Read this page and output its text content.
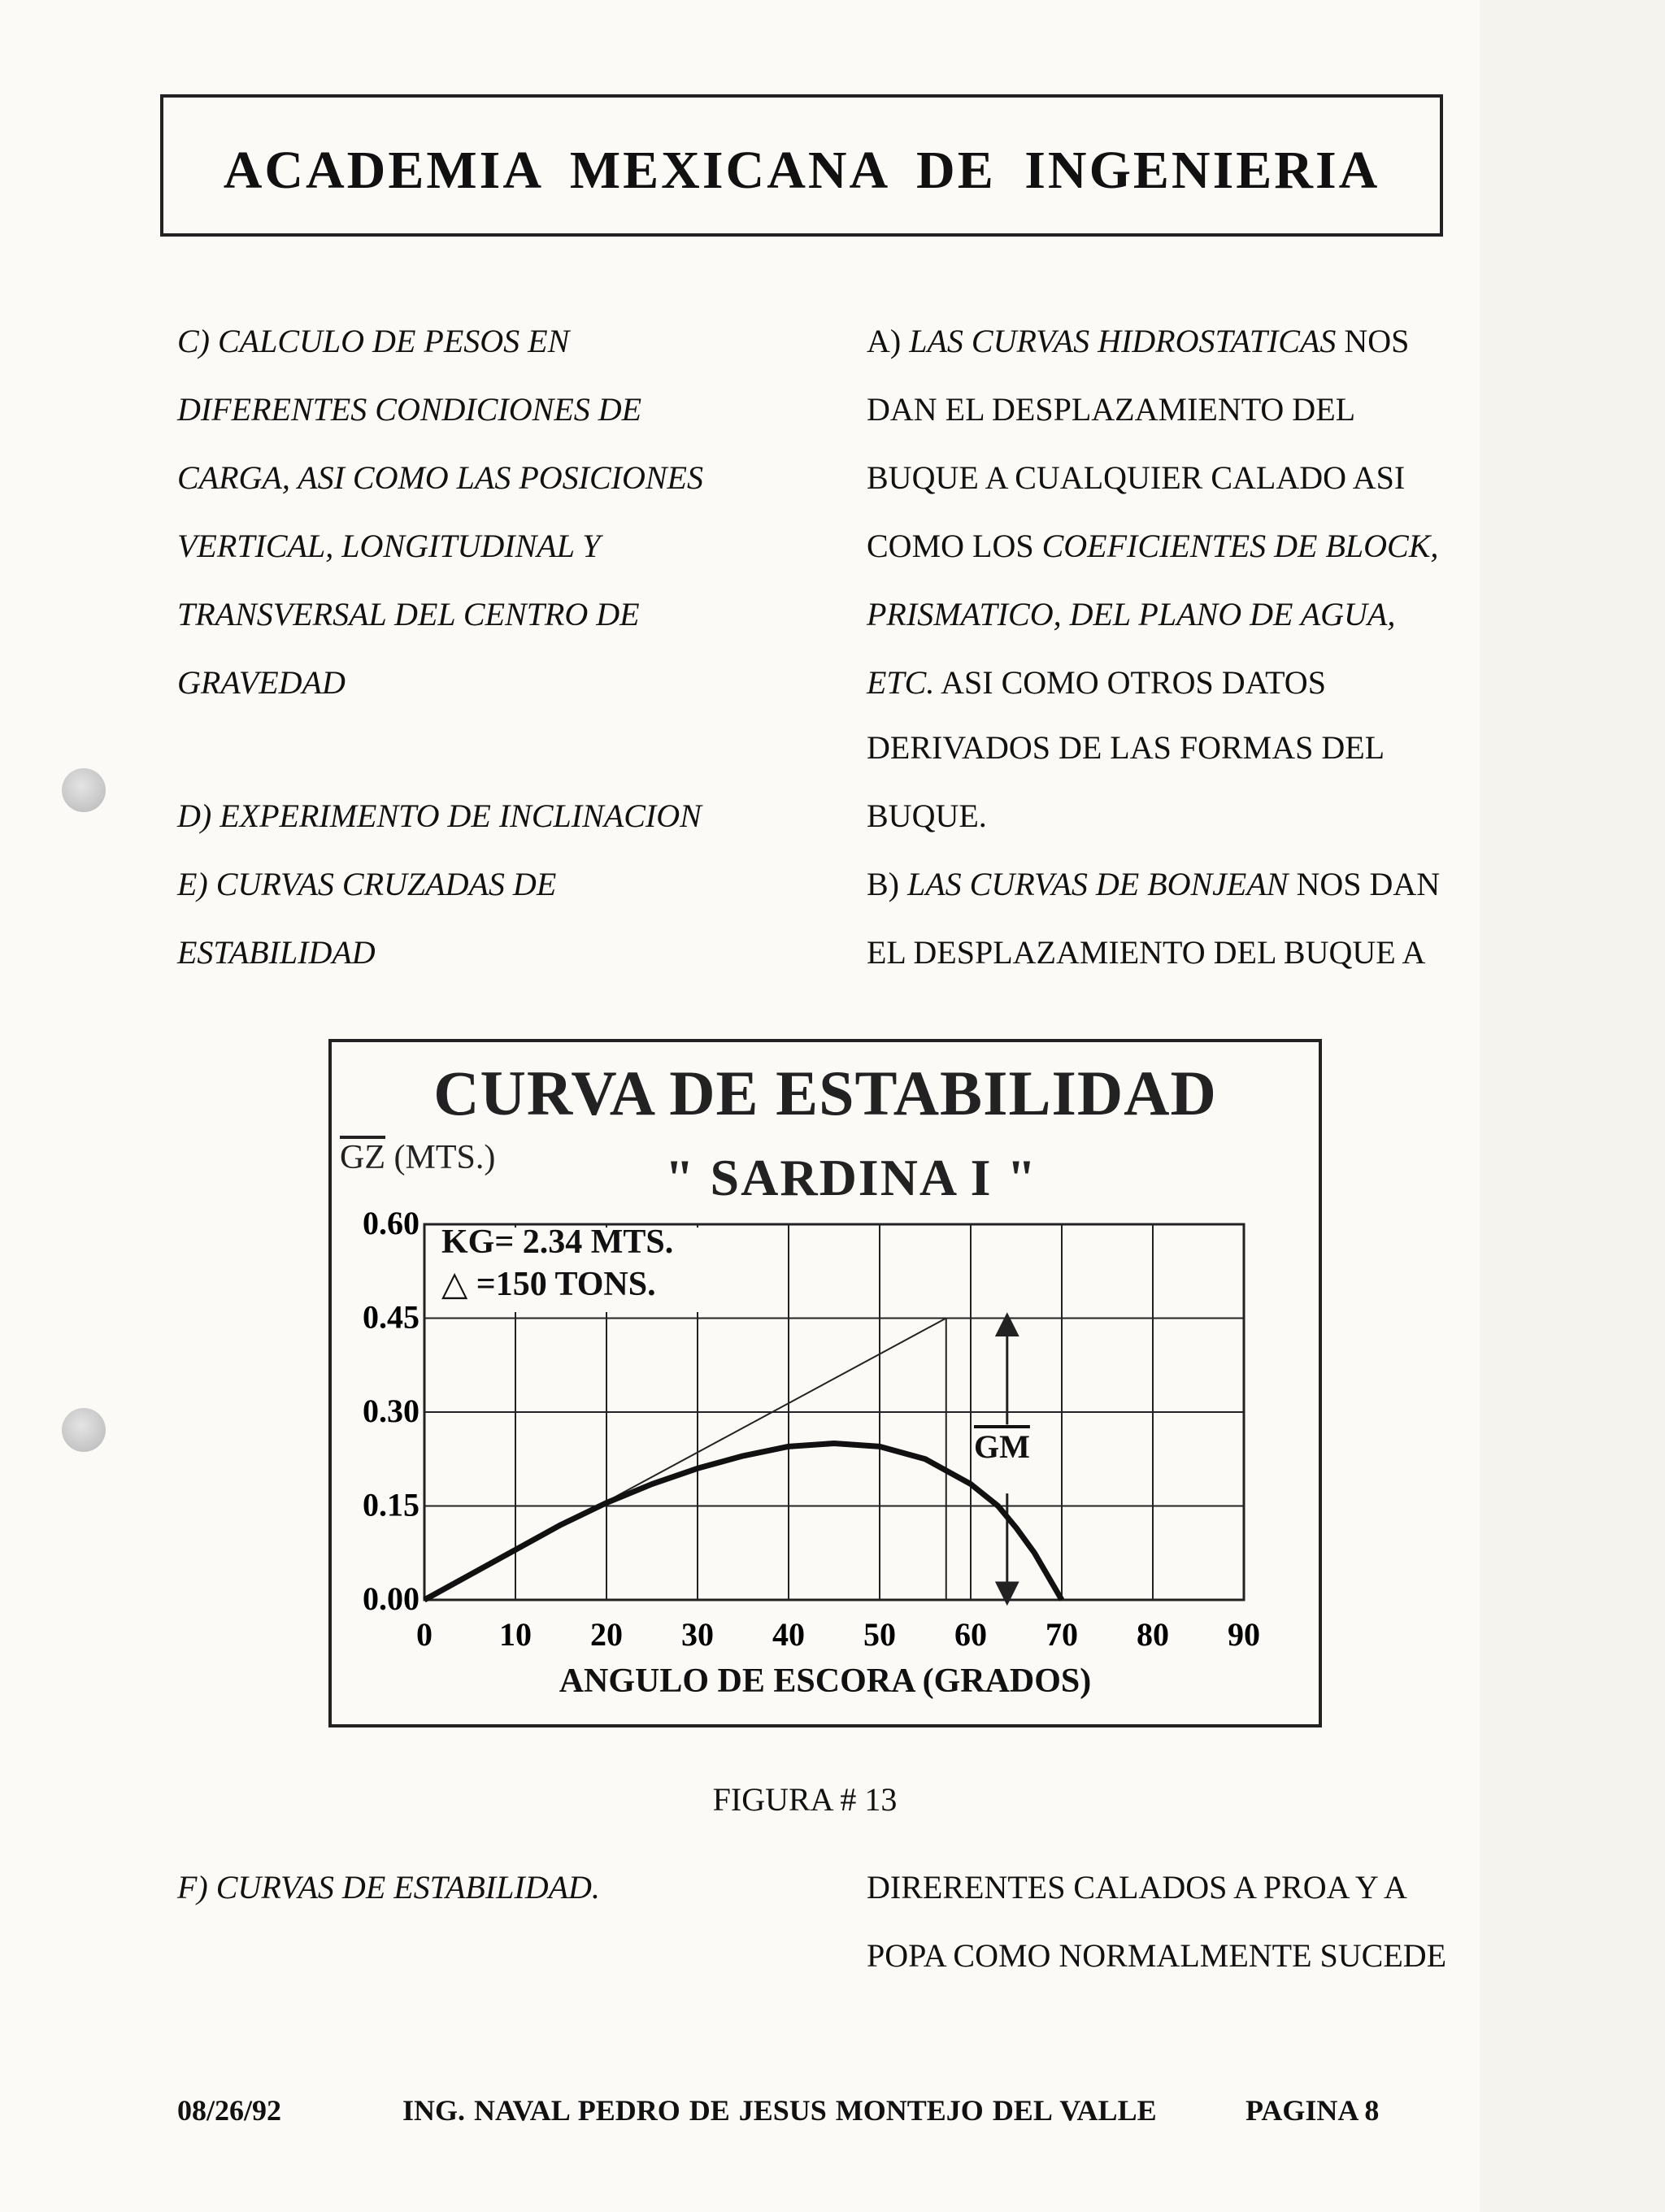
ACADEMIA MEXICANA DE INGENIERIA
C) CALCULO DE PESOS EN
DIFERENTES CONDICIONES DE
CARGA, ASI COMO LAS POSICIONES
VERTICAL, LONGITUDINAL Y
TRANSVERSAL DEL CENTRO DE
GRAVEDAD
D) EXPERIMENTO DE INCLINACION
E) CURVAS CRUZADAS DE
ESTABILIDAD
A) LAS CURVAS HIDROSTATICAS NOS
DAN EL DESPLAZAMIENTO DEL
BUQUE A CUALQUIER CALADO ASI
COMO LOS COEFICIENTES DE BLOCK,
PRISMATICO, DEL PLANO DE AGUA,
ETC. ASI COMO OTROS DATOS
DERIVADOS DE LAS FORMAS DEL
BUQUE.
B) LAS CURVAS DE BONJEAN NOS DAN
EL DESPLAZAMIENTO DEL BUQUE A
0.00
0.15
0.30
0.45
0.60
0 10 20 30 40 50 60 70 80 90
CURVA DE ESTABILIDAD
$\overline{GZ}$ (MTS.)	" SARDINA I "
KG= 2.34 MTS.
△ =150 TONS.
$\overline{GM}$
ANGULO DE ESCORA (GRADOS)
FIGURA # 13
F) CURVAS DE ESTABILIDAD.	DIRERENTES CALADOS A PROA Y A
POPA COMO NORMALMENTE SUCEDE
08/26/92	ING. NAVAL PEDRO DE JESUS MONTEJO DEL VALLE	PAGINA 8
